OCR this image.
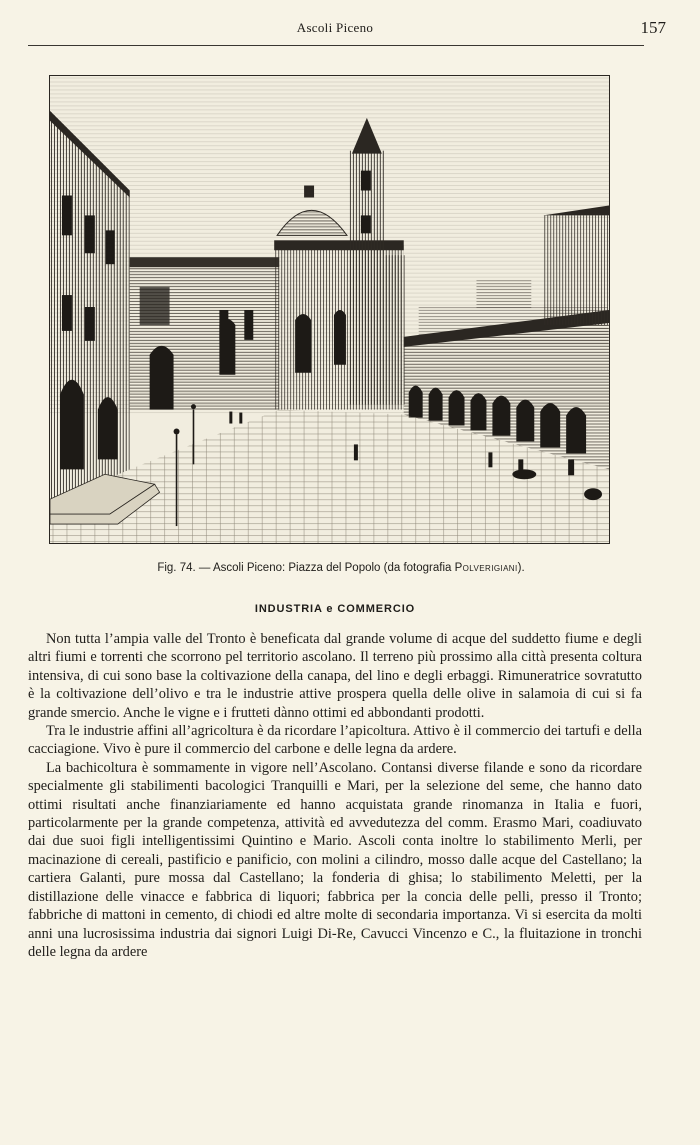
Ascoli Piceno	157
Fig. 74. — Ascoli Piceno: Piazza del Popolo (da fotografia Polverigiani).
INDUSTRIA e COMMERCIO

Non tutta l’ampia valle del Tronto è beneficata dal grande volume di acque del suddetto fiume e degli altri fiumi e torrenti che scorrono pel territorio ascolano. Il terreno più prossimo alla città presenta coltura intensiva, di cui sono base la coltivazione della canapa, del lino e degli erbaggi. Rimuneratrice sovratutto è la coltivazione dell’olivo e tra le industrie attive prospera quella delle olive in salamoia di cui si fa grande smercio. Anche le vigne e i frutteti dànno ottimi ed abbondanti prodotti.

Tra le industrie affini all’agricoltura è da ricordare l’apicoltura. Attivo è il commercio dei tartufi e della cacciagione. Vivo è pure il commercio del carbone e delle legna da ardere.

La bachicoltura è sommamente in vigore nell’Ascolano. Contansi diverse filande e sono da ricordare specialmente gli stabilimenti bacologici Tranquilli e Mari, per la selezione del seme, che hanno dato ottimi risultati anche finanziariamente ed hanno acquistata grande rinomanza in Italia e fuori, particolarmente per la grande competenza, attività ed avvedutezza del comm. Erasmo Mari, coadiuvato dai due suoi figli intelligentissimi Quintino e Mario. Ascoli conta inoltre lo stabilimento Merli, per macinazione di cereali, pastificio e panificio, con molini a cilindro, mosso dalle acque del Castellano; la cartiera Galanti, pure mossa dal Castellano; la fonderia di ghisa; lo stabilimento Meletti, per la distillazione delle vinacce e fabbrica di liquori; fabbrica per la concia delle pelli, presso il Tronto; fabbriche di mattoni in cemento, di chiodi ed altre molte di secondaria importanza. Vi si esercita da molti anni una lucrosissima industria dai signori Luigi Di-Re, Cavucci Vincenzo e C., la fluitazione in tronchi delle legna da ardere
